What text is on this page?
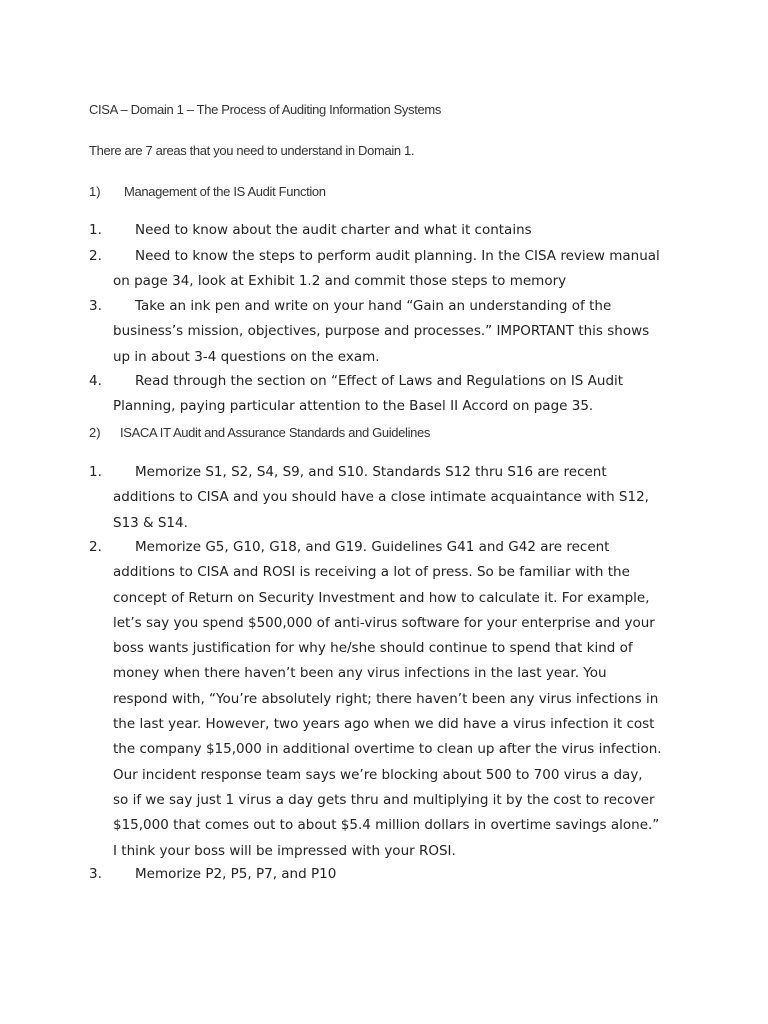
CISA – Domain 1 – The Process of Auditing Information Systems
There are 7 areas that you need to understand in Domain 1.
1) Management of the IS Audit Function
1.	Need to know about the audit charter and what it contains
2.	Need to know the steps to perform audit planning. In the CISA review manual
on page 34, look at Exhibit 1.2 and commit those steps to memory
3.	Take an ink pen and write on your hand “Gain an understanding of the
business’s mission, objectives, purpose and processes.” IMPORTANT this shows
up in about 3-4 questions on the exam.
4.	Read through the section on “Effect of Laws and Regulations on IS Audit
Planning, paying particular attention to the Basel II Accord on page 35.
2) ISACA IT Audit and Assurance Standards and Guidelines
1.	Memorize S1, S2, S4, S9, and S10. Standards S12 thru S16 are recent
additions to CISA and you should have a close intimate acquaintance with S12,
S13 & S14.
2.	Memorize G5, G10, G18, and G19. Guidelines G41 and G42 are recent
additions to CISA and ROSI is receiving a lot of press. So be familiar with the
concept of Return on Security Investment and how to calculate it. For example,
let’s say you spend $500,000 of anti-virus software for your enterprise and your
boss wants justification for why he/she should continue to spend that kind of
money when there haven’t been any virus infections in the last year. You
respond with, “You’re absolutely right; there haven’t been any virus infections in
the last year. However, two years ago when we did have a virus infection it cost
the company $15,000 in additional overtime to clean up after the virus infection.
Our incident response team says we’re blocking about 500 to 700 virus a day,
so if we say just 1 virus a day gets thru and multiplying it by the cost to recover
$15,000 that comes out to about $5.4 million dollars in overtime savings alone.”
I think your boss will be impressed with your ROSI.
3.	Memorize P2, P5, P7, and P10
